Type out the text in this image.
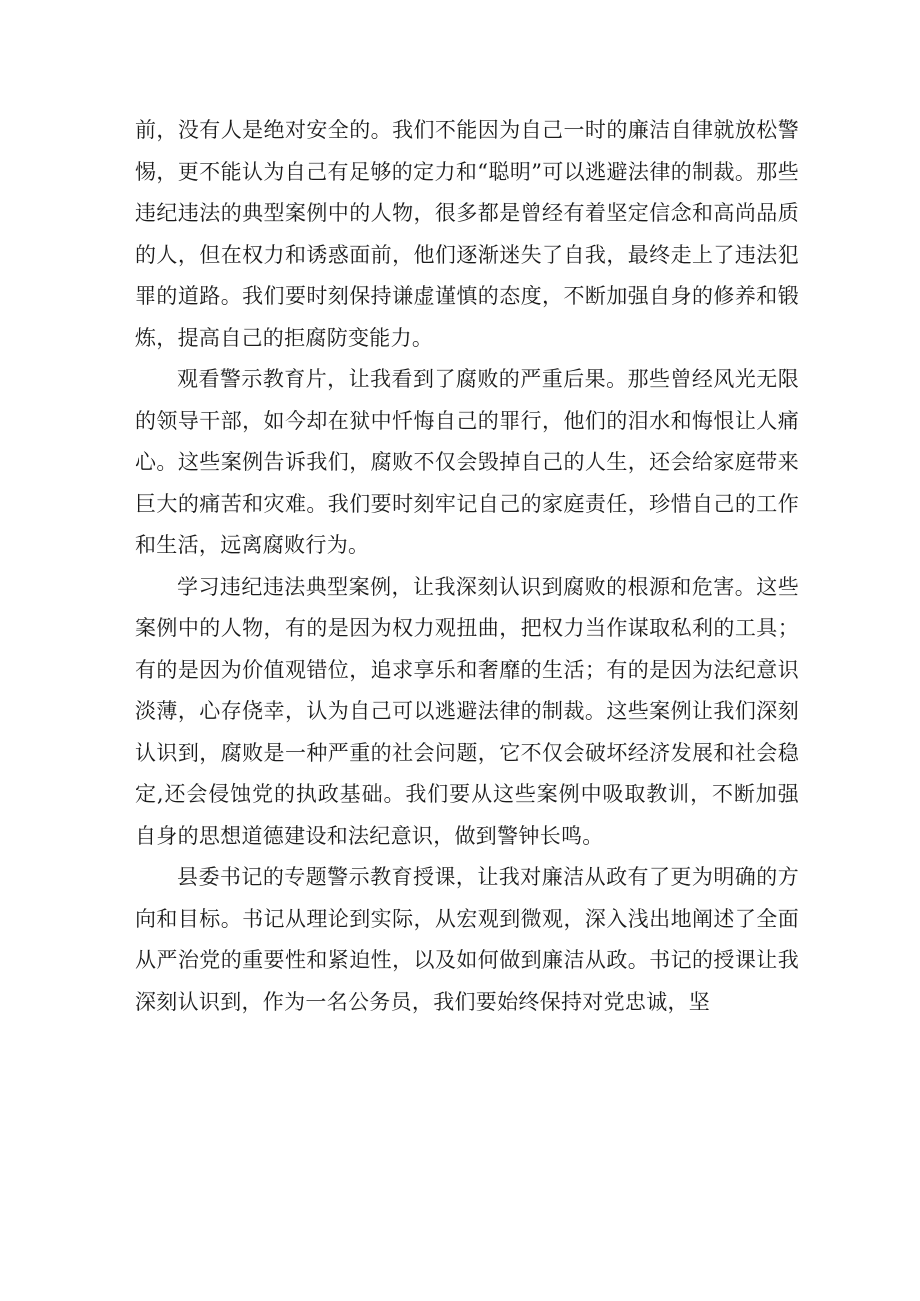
前，没有人是绝对安全的。我们不能因为自己一时的廉洁自律就放松警惕，更不能认为自己有足够的定力和“聪明”可以逃避法律的制裁。那些违纪违法的典型案例中的人物，很多都是曾经有着坚定信念和高尚品质的人，但在权力和诱惑面前，他们逐渐迷失了自我，最终走上了违法犯罪的道路。我们要时刻保持谦虚谨慎的态度，不断加强自身的修养和锻炼，提高自己的拒腐防变能力。

观看警示教育片，让我看到了腐败的严重后果。那些曾经风光无限的领导干部，如今却在狱中忏悔自己的罪行，他们的泪水和悔恨让人痛心。这些案例告诉我们，腐败不仅会毁掉自己的人生，还会给家庭带来巨大的痛苦和灾难。我们要时刻牢记自己的家庭责任，珍惜自己的工作和生活，远离腐败行为。

学习违纪违法典型案例，让我深刻认识到腐败的根源和危害。这些案例中的人物，有的是因为权力观扭曲，把权力当作谋取私利的工具；有的是因为价值观错位，追求享乐和奢靡的生活；有的是因为法纪意识淡薄，心存侥幸，认为自己可以逃避法律的制裁。这些案例让我们深刻认识到，腐败是一种严重的社会问题，它不仅会破坏经济发展和社会稳定,还会侵蚀党的执政基础。我们要从这些案例中吸取教训，不断加强自身的思想道德建设和法纪意识，做到警钟长鸣。

县委书记的专题警示教育授课，让我对廉洁从政有了更为明确的方向和目标。书记从理论到实际，从宏观到微观，深入浅出地阐述了全面从严治党的重要性和紧迫性，以及如何做到廉洁从政。书记的授课让我深刻认识到，作为一名公务员，我们要始终保持对党忠诚，坚
